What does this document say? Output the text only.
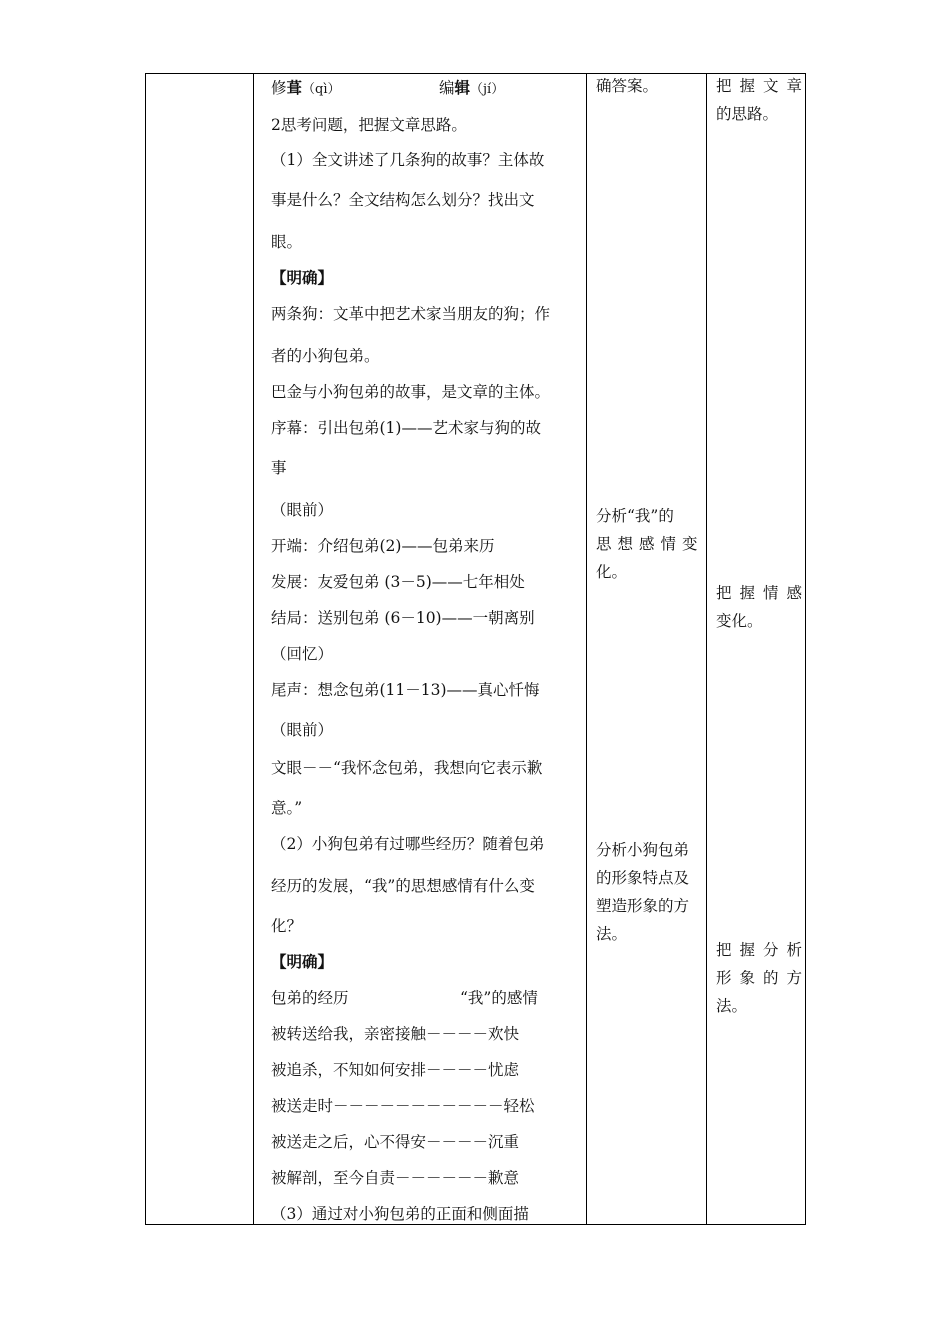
修葺（qì）	编辑（jí）
2思考问题，把握文章思路。
（1）全文讲述了几条狗的故事？主体故
事是什么？全文结构怎么划分？找出文
眼。
【明确】
两条狗：文革中把艺术家当朋友的狗；作
者的小狗包弟。
巴金与小狗包弟的故事，是文章的主体。
序幕：引出包弟(1)——艺术家与狗的故
事
（眼前）
开端：介绍包弟(2)——包弟来历
发展：友爱包弟 (3－5)——七年相处
结局：送别包弟 (6－10)——一朝离别
（回忆）
尾声：想念包弟(11－13)——真心忏悔
（眼前）
文眼－－“我怀念包弟，我想向它表示歉
意。”
（2）小狗包弟有过哪些经历？随着包弟
经历的发展，“我”的思想感情有什么变
化？
【明确】
包弟的经历	“我”的感情
被转送给我，亲密接触－－－－欢快
被追杀，不知如何安排－－－－忧虑
被送走时－－－－－－－－－－－轻松
被送走之后，心不得安－－－－沉重
被解剖，至今自责－－－－－－歉意
（3）通过对小狗包弟的正面和侧面描
确答案。
分析“我”的
思想感情变
化。
分析小狗包弟
的形象特点及
塑造形象的方
法。
把握文章
的思路。
把握情感
变化。
把握分析
形象的方
法。
